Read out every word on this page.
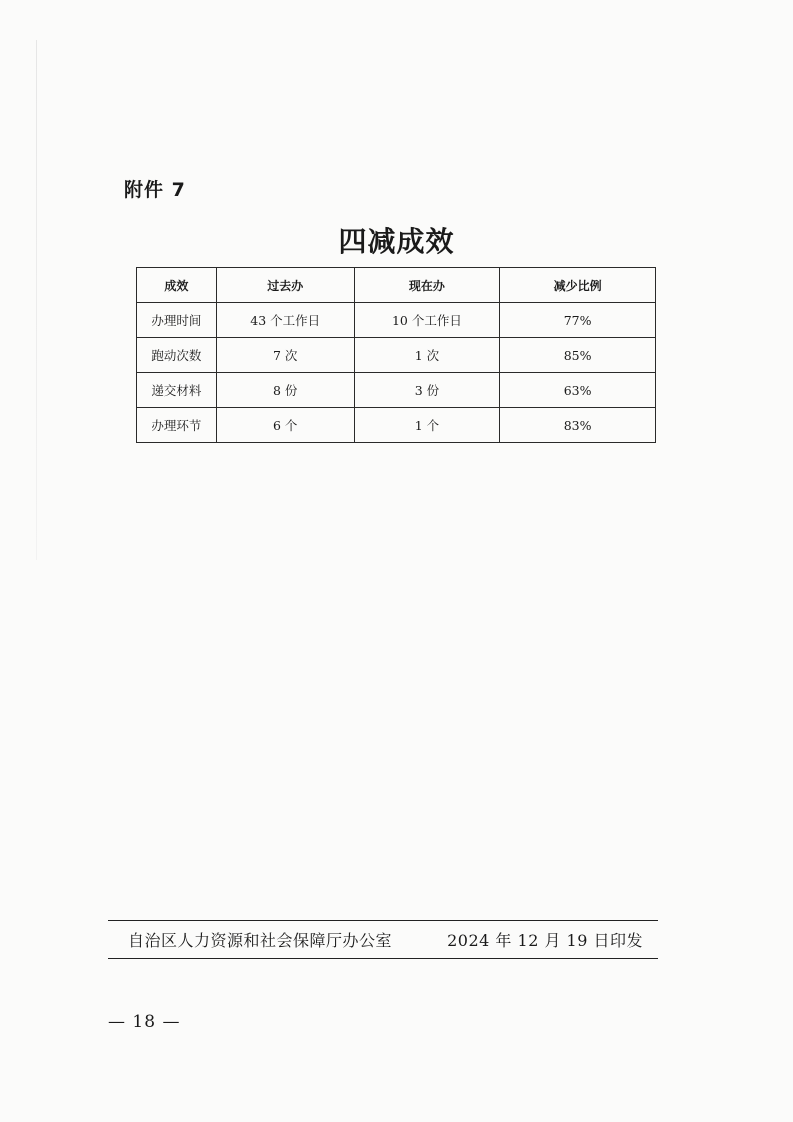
附件 7
四减成效
成效	过去办	现在办	减少比例
办理时间	43 个工作日	10 个工作日	77%
跑动次数	7 次	1 次	85%
递交材料	8 份	3 份	63%
办理环节	6 个	1 个	83%
自治区人力资源和社会保障厅办公室	2024 年 12 月 19 日印发
— 18 —
